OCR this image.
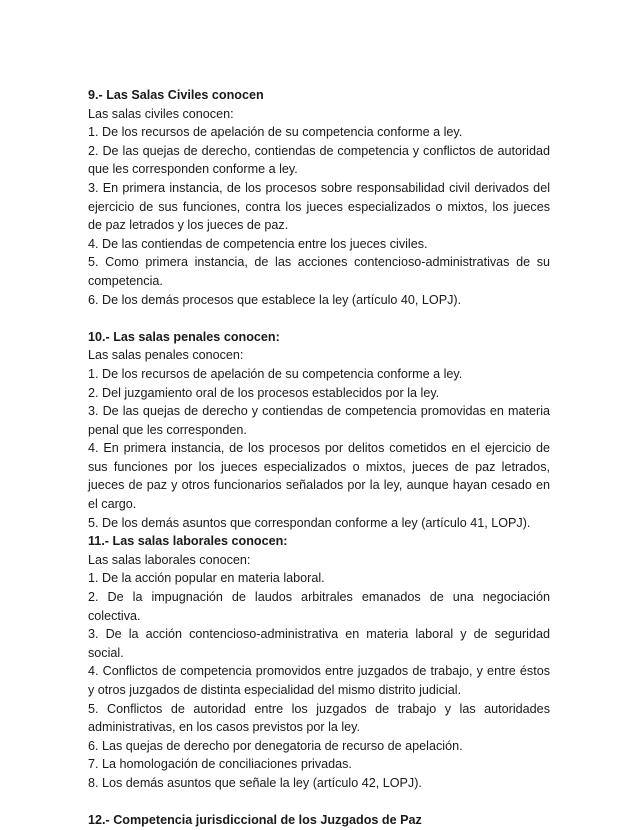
9.- Las Salas Civiles conocen

Las salas civiles conocen:

1. De los recursos de apelación de su competencia conforme a ley.

2. De las quejas de derecho, contiendas de competencia y conflictos de autoridad que les corresponden conforme a ley.

3. En primera instancia, de los procesos sobre responsabilidad civil derivados del ejercicio de sus funciones, contra los jueces especializados o mixtos, los jueces de paz letrados y los jueces de paz.

4. De las contiendas de competencia entre los jueces civiles.

5. Como primera instancia, de las acciones contencioso-administrativas de su competencia.

6. De los demás procesos que establece la ley (artículo 40, LOPJ).

10.- Las salas penales conocen:

Las salas penales conocen:

1. De los recursos de apelación de su competencia conforme a ley.

2. Del juzgamiento oral de los procesos establecidos por la ley.

3. De las quejas de derecho y contiendas de competencia promovidas en materia penal que les corresponden.

4. En primera instancia, de los procesos por delitos cometidos en el ejercicio de sus funciones por los jueces especializados o mixtos, jueces de paz letrados, jueces de paz y otros funcionarios señalados por la ley, aunque hayan cesado en el cargo.

5. De los demás asuntos que correspondan conforme a ley (artículo 41, LOPJ).

11.- Las salas laborales conocen:

Las salas laborales conocen:

1. De la acción popular en materia laboral.

2. De la impugnación de laudos arbitrales emanados de una negociación colectiva.

3. De la acción contencioso-administrativa en materia laboral y de seguridad social.

4. Conflictos de competencia promovidos entre juzgados de trabajo, y entre éstos y otros juzgados de distinta especialidad del mismo distrito judicial.

5. Conflictos de autoridad entre los juzgados de trabajo y las autoridades administrativas, en los casos previstos por la ley.

6. Las quejas de derecho por denegatoria de recurso de apelación.

7. La homologación de conciliaciones privadas.

8. Los demás asuntos que señale la ley (artículo 42, LOPJ).

12.- Competencia jurisdiccional de los Juzgados de Paz
